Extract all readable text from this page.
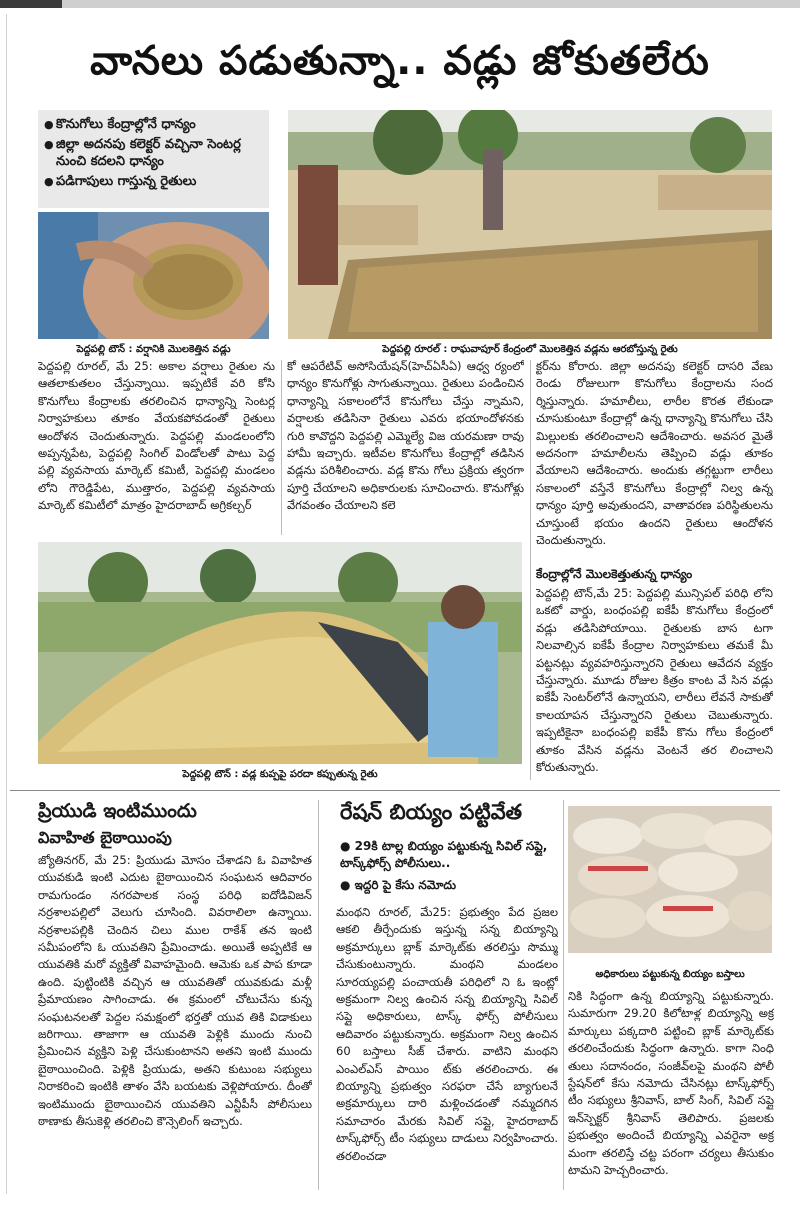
వానలు పడుతున్నా.. వడ్లు జోకుతలేరు
● కొనుగోలు కేంద్రాల్లోనే ధాన్యం
● జిల్లా అదనపు కలెక్టర్ వచ్చినా సెంటర్ల నుంచి కదలని ధాన్యం
● పడిగాపులు గాస్తున్న రైతులు
పెద్దపల్లి టౌన్ : వర్షానికి మొలకెత్తిన వడ్లు	పెద్దపల్లి రూరల్ : రాఘవాపూర్ కేంద్రంలో మొలకెత్తిన వడ్లను ఆరబోస్తున్న రైతు
పెద్దపల్లి రూరల్, మే 25: అకాల వర్షాలు రైతుల ను ఆతలాకుతలం చేస్తున్నాయి. ఇప్పటికే వరి కోసి కొనుగోలు కేంద్రాలకు తరలించిన ధాన్యాన్ని సెంటర్ల నిర్వాహకులు తూకం వేయకపోవడంతో రైతులు ఆందోళన చెందుతున్నారు. పెద్దపల్లి మండలంలోని అప్పన్నపేట, పెద్దపల్లి సింగిల్ విండోలతో పాటు పెద్ద పల్లి వ్యవసాయ మార్కెట్ కమిటీ, పెద్దపల్లి మండలం లోని గౌరెడ్డిపేట, ముత్తారం, పెద్దపల్లి వ్యవసాయ మార్కెట్ కమిటీలో మాత్రం హైదరాబాద్ అగ్రికల్చర్
కో ఆపరేటివ్ అసోసియేషన్(హెచ్ఏసీఏ) ఆధ్వ ర్యంలో ధాన్యం కొనుగోళ్లు సాగుతున్నాయి. రైతులు పండించిన ధాన్యాన్ని సకాలంలోనే కొనుగోలు చేస్తు న్నామని, వర్షాలకు తడిసినా రైతులు ఎవరు భయాందోళనకు గురి కావొద్దని పెద్దపల్లి ఎమ్మెల్యే విజ యరమణా రావు హామీ ఇచ్చారు. ఇటీవల కొనుగోలు కేంద్రాల్లో తడిసిన వడ్లను పరిశీలించారు. వడ్ల కొను గోలు ప్రక్రియ త్వరగా పూర్తి చేయాలని అధికారులకు సూచించారు. కొనుగోళ్లు వేగవంతం చేయాలని కలె
క్టర్‌ను కోరారు. జిల్లా అదనపు కలెక్టర్ దాసరి వేణు రెండు రోజులుగా కొనుగోలు కేంద్రాలను సంద ర్శిస్తున్నారు. హమాలీలు, లారీల కొరత లేకుండా చూసుకుంటూ కేంద్రాల్లో ఉన్న ధాన్యాన్ని కొనుగోలు చేసి మిల్లులకు తరలించాలని ఆదేశించారు. అవసర మైతే అదనంగా హమాలీలను తెప్పించి వడ్లు తూకం వేయాలని ఆదేశించారు. అందుకు తగ్గట్టుగా లారీలు సకాలంలో వస్తేనే కొనుగోలు కేంద్రాల్లో నిల్వ ఉన్న ధాన్యం పూర్తి అవుతుందని, వాతావరణ పరిస్థితులను చూస్తుంటే భయం ఉందని రైతులు ఆందోళన చెందుతున్నారు.
కేంద్రాల్లోనే మొలకెత్తుతున్న ధాన్యం
పెద్దపల్లి టౌన్,మే 25: పెద్దపల్లి మున్సిపల్ పరిధి లోని ఒకటో వార్డు, బంధంపల్లి ఐకేపీ కొనుగోలు కేంద్రంలో వడ్లు తడిసిపోయాయి. రైతులకు బాస టగా నిలవాల్సిన ఐకేపీ కేంద్రాల నిర్వాహకులు తమకే మీ పట్టనట్లు వ్యవహరిస్తున్నారని రైతులు ఆవేదన వ్యక్తం చేస్తున్నారు. మూడు రోజుల కిత్రం కాంట వే సిన వడ్లు ఐకేపీ సెంటర్‌లోనే ఉన్నాయని, లారీలు లేవనే సాకుతో కాలయాపన చేస్తున్నారని రైతులు చెబుతున్నారు. ఇప్పటికైనా బంధంపల్లి ఐకేపీ కొను గోలు కేంద్రంలో తూకం వేసిన వడ్లను వెంటనే తర లించాలని కోరుతున్నారు.
పెద్దపల్లి టౌన్ : వడ్ల కుప్పపై పరదా కప్పుతున్న రైతు
ప్రియుడి ఇంటిముందు
వివాహిత బైఠాయింపు
జ్యోతినగర్, మే 25: ప్రియుడు మోసం చేశాడని ఓ వివాహిత యువకుడి ఇంటి ఎదుట బైఠాయించిన సంఘటన ఆదివారం రామగుండం నగరపాలక సంస్థ పరిధి ఐదోడివిజన్ నర్రశాలపల్లిలో వెలుగు చూసింది. వివరాలిలా ఉన్నాయి. నర్రశాలపల్లికి చెందిన చిలు ముల రాకేశ్ తన ఇంటి సమీపంలోని ఓ యువతిని ప్రేమించాడు. అయితే అప్పటికే ఆ యువతికి మరో వ్యక్తితో వివాహమైంది. ఆమెకు ఒక పాప కూడా ఉంది. పుట్టింటికి వచ్చిన ఆ యువతితో యువకుడు మళ్లీ ప్రేమాయణం సాగించాడు. ఈ క్రమంలో చోటుచేసు కున్న సంఘటనలతో పెద్దల సమక్షంలో భర్తతో యువ తికి విడాకులు జరిగాయి. తాజాగా ఆ యువతి పెళ్లికి ముందు నుంచి ప్రేమించిన వ్యక్తిని పెళ్లి చేసుకుంటానని అతని ఇంటి ముందు బైఠాయించింది. పెళ్లికి ప్రియుడు, అతని కుటుంబ సభ్యులు నిరాకరించి ఇంటికి తాళం వేసి బయటకు వెళ్లిపోయారు. దీంతో ఇంటిముందు బైఠాయించిన యువతిని ఎన్టీపీసీ పోలీసులు ఠాణాకు తీసుకెళ్లి తరలించి కౌన్సెలింగ్ ఇచ్చారు.
రేషన్ బియ్యం పట్టివేత
● 29కి టాల్ల బియ్యం పట్టుకున్న సివిల్ సప్లై, టాస్క్‌ఫోర్స్ పోలీసులు..
● ఇద్దరి పై కేసు నమోదు
మంథని రూరల్, మే25: ప్రభుత్వం పేద ప్రజల ఆకలి తీర్చేందుకు ఇస్తున్న సన్న బియ్యాన్ని అక్రమార్కులు బ్లాక్ మార్కెట్‌కు తరలిస్తు సొమ్ము చేసుకుంటున్నారు. మంథని మండలం సూరయ్యపల్లి పంచాయతీ పరిధిలో ని ఓ ఇంట్లో అక్రమంగా నిల్వ ఉంచిన సన్న బియ్యాన్ని సివిల్ సప్లై అధికారులు, టాస్క్ ఫోర్స్ పోలీసులు ఆదివారం పట్టుకున్నారు. అక్రమంగా నిల్వ ఉంచిన 60 బస్తాలు సీజ్ చేశారు. వాటిని మంథని ఎంఎల్ఎస్ పాయిం ట్‌కు తరలించారు. ఈ బియ్యాన్ని ప్రభుత్వం సరఫరా చేసే బ్యాగులనే అక్రమార్కులు దారి మళ్లించడంతో నమ్మదగిన సమాచారం మేరకు సివిల్ సప్లై, హైదరాబాద్ టాస్క్‌ఫోర్స్ టీం సభ్యులు దాడులు నిర్వహించారు. తరలించడా
అధికారులు పట్టుకున్న బియ్యం బస్తాలు
నికి సిద్ధంగా ఉన్న బియ్యాన్ని పట్టుకున్నారు. సుమారుగా 29.20 కిలోటాళ్ల బియ్యాన్ని అక్ర మార్కులు పక్కదారి పట్టించి బ్లాక్ మార్కెట్‌కు తరలించేందుకు సిద్ధంగా ఉన్నారు. కాగా నింధి తులు సదానందం, సంజీవ్‌లపై మంథని పోలీ స్టేషన్‌లో కేసు నమోదు చేసినట్లు టాస్క్‌ఫోర్స్ టీం సభ్యులు శ్రీనివాస్, బాల్ సింగ్, సివిల్ సప్లై ఇన్‌స్పెక్టర్ శ్రీనివాస్ తెలిపారు. ప్రజలకు ప్రభుత్వం అందించే బియ్యాన్ని ఎవరైనా అక్ర మంగా తరలిస్తే చట్ట పరంగా చర్యలు తీసుకుం టామని హెచ్చరించారు.
